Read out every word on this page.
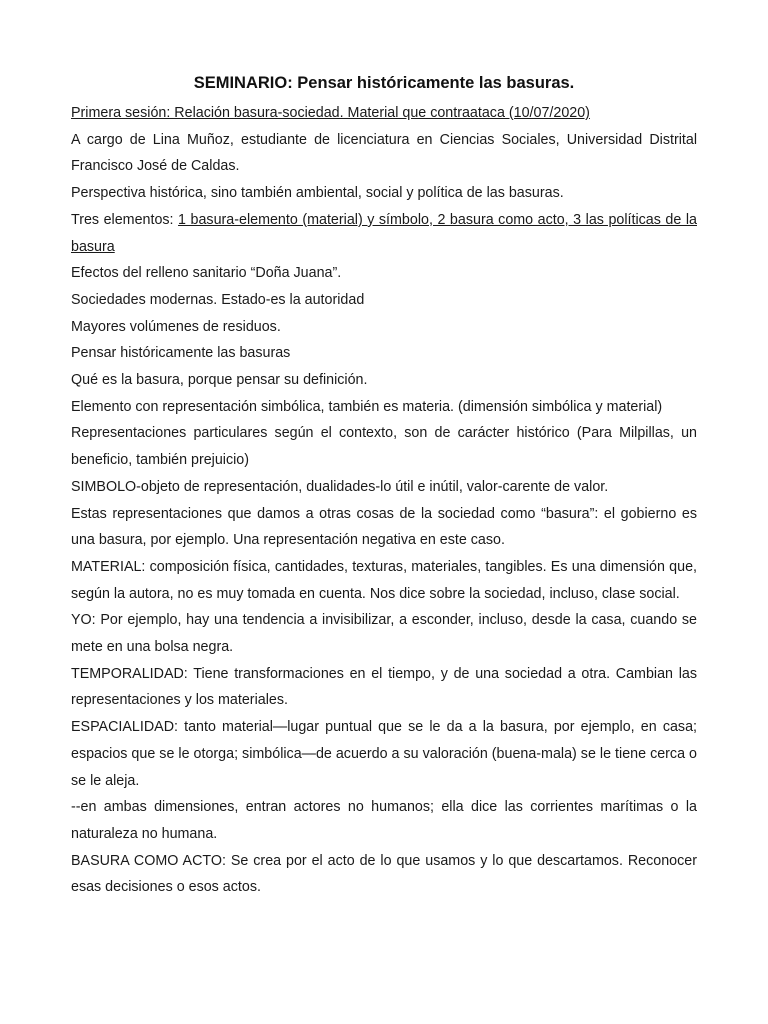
SEMINARIO: Pensar históricamente las basuras.

Primera sesión: Relación basura-sociedad. Material que contraataca (10/07/2020)

A cargo de Lina Muñoz, estudiante de licenciatura en Ciencias Sociales, Universidad Distrital Francisco José de Caldas.

Perspectiva histórica, sino también ambiental, social y política de las basuras.

Tres elementos: 1 basura-elemento (material) y símbolo, 2 basura como acto, 3 las políticas de la basura

Efectos del relleno sanitario “Doña Juana”.

Sociedades modernas. Estado-es la autoridad

Mayores volúmenes de residuos.

Pensar históricamente las basuras

Qué es la basura, porque pensar su definición.

Elemento con representación simbólica, también es materia. (dimensión simbólica y material)

Representaciones particulares según el contexto, son de carácter histórico (Para Milpillas, un beneficio, también prejuicio)

SIMBOLO-objeto de representación, dualidades-lo útil e inútil, valor-carente de valor.

Estas representaciones que damos a otras cosas de la sociedad como “basura”: el gobierno es una basura, por ejemplo. Una representación negativa en este caso.

MATERIAL: composición física, cantidades, texturas, materiales, tangibles. Es una dimensión que, según la autora, no es muy tomada en cuenta. Nos dice sobre la sociedad, incluso, clase social.

YO: Por ejemplo, hay una tendencia a invisibilizar, a esconder, incluso, desde la casa, cuando se mete en una bolsa negra.

TEMPORALIDAD: Tiene transformaciones en el tiempo, y de una sociedad a otra. Cambian las representaciones y los materiales.

ESPACIALIDAD: tanto material—lugar puntual que se le da a la basura, por ejemplo, en casa; espacios que se le otorga; simbólica—de acuerdo a su valoración (buena-mala) se le tiene cerca o se le aleja.

--en ambas dimensiones, entran actores no humanos; ella dice las corrientes marítimas o la naturaleza no humana.

BASURA COMO ACTO: Se crea por el acto de lo que usamos y lo que descartamos. Reconocer esas decisiones o esos actos.
